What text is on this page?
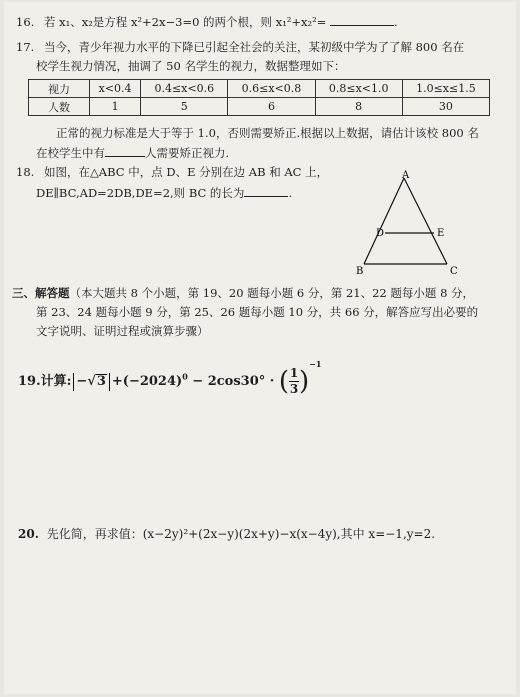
16. 若 x₁、x₂是方程 x²+2x−3=0 的两个根，则 x₁²+x₂²=	.
17. 当今，青少年视力水平的下降已引起全社会的关注，某初级中学为了了解 800 名在
校学生视力情况，抽调了 50 名学生的视力，数据整理如下：
视力	x<0.4	0.4≤x<0.6	0.6≤x<0.8	0.8≤x<1.0	1.0≤x≤1.5
人数	1	5	6	8	30
正常的视力标准是大于等于 1.0，否则需要矫正.根据以上数据，请估计该校 800 名
在校学生中有	人需要矫正视力.
18. 如图，在△ABC 中，点 D、E 分别在边 AB 和 AC 上，
DE∥BC,AD=2DB,DE=2,则 BC 的长为	.
A
B	C
D	E
三、解答题（本大题共 8 个小题，第 19、20 题每小题 6 分，第 21、22 题每小题 8 分，
第 23、24 题每小题 9 分，第 25、26 题每小题 10 分，共 66 分，解答应写出必要的
文字说明、证明过程或演算步骤）
19.计算: $-√3 +(-2024)^0 - 2\cos 30^\circ$ · ( $\frac{1}{3} )^{-1}$
20. 先化简，再求值：(x−2y)²+(2x−y)(2x+y)−x(x−4y),其中 x=−1,y=2.
